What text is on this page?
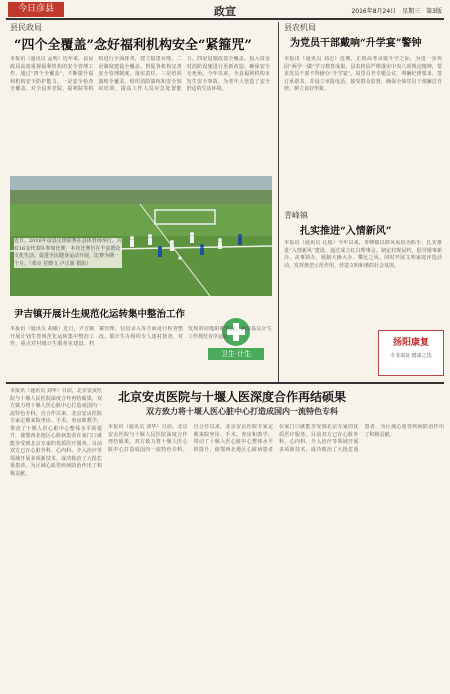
今日彦县	政宣	2016年8月24日　星期三　第3版
县民政局
“四个全覆盖”念好福利机构安全“紧箍咒”
本报讯（通讯员 孟明）近年来，县民政局高度重视福利机构的安全管理工作，通过“四个全覆盖”，不断提升福利机构安全防护能力。一是安全检查全覆盖。对全县养老院、福利院等机构进行全面排查，建立隐患台账。二是制度建设全覆盖。督促各机构完善安全管理制度，落实责任。三是培训演练全覆盖。组织消防演练和安全知识培训，提高工作人员应急处置能力。四是设施改造全覆盖。投入资金对消防设施进行更新改造，确保安全无死角。今年以来，全县福利机构未发生安全事故，为老年人营造了安全舒适的生活环境。
近日，2016年彦县足球联赛在县体育场举行，共有16支代表队参加比赛。本次比赛旨在丰富群众文化生活，促进全民健身运动开展，比赛为期一个月。（邓亮 付晓文 卢正源 摄影）
县农机局
为党员干部戴响“升学宴”警钟
本报讯（通讯员 刘志）近期，正值高考录取升学之际，为进一步巩固“两学一做”学习教育成果，县农机局严格落实中央八项规定精神，要求党员干部不得操办“升学宴”。局里召开专题会议，明确纪律要求，签订承诺书，并设立举报电话，接受群众监督，确保全体党员干部廉洁自律，树立良好形象。
青峰镇
扎实推进“入情新风”
本报讯（通讯员 孔俊）今年以来，青峰镇以移风易俗为抓手，扎实推进“入情新风”建设。通过成立红白理事会，制定村规民约，倡导婚事新办、丧事简办，遏制大操大办、攀比之风。同时开展文明家庭评选活动，发挥典型示范作用，营造文明和谐的社会氛围。
扬阳康复
专业康复 健康之选
卫生·计生
尹吉镇开展计生规范化运转集中整治工作
本报讯（通讯员 胡敏）近日，尹吉镇开展计划生育规范化运转集中整治工作，重点对村级计生服务室建设、档案管理、信息录入等方面进行检查整改。镇计生办组织专人逐村督查，对发现的问题限期整改，确保基层计生工作规范有序运转。
本报讯（通讯员 刘华）日前，北京安贞医院与十堰人民医院深度合作再结硕果，双方致力将十堰人医心脏中心打造成国内一流特色专科。自合作以来，北京安贞医院专家定期来院坐诊、手术、查房和教学，带动了十堰人医心脏中心整体水平的提升，使鄂西北地区心脏病患者在家门口就能享受到北京专家的优质医疗服务。目前双方已在心脏外科、心内科、介入治疗等领域开展多项新技术，成功救治了大批危重患者，为区域心血管疾病防治作出了积极贡献。
北京安贞医院与十堰人医深度合作再结硕果
双方致力将十堰人医心脏中心打造成国内一流特色专科
本报讯（通讯员 刘华）日前，北京安贞医院与十堰人民医院深度合作再结硕果，双方致力将十堰人医心脏中心打造成国内一流特色专科。自合作以来，北京安贞医院专家定期来院坐诊、手术、查房和教学，带动了十堰人医心脏中心整体水平的提升，使鄂西北地区心脏病患者在家门口就能享受到北京专家的优质医疗服务。目前双方已在心脏外科、心内科、介入治疗等领域开展多项新技术，成功救治了大批危重患者，为区域心血管疾病防治作出了积极贡献。
